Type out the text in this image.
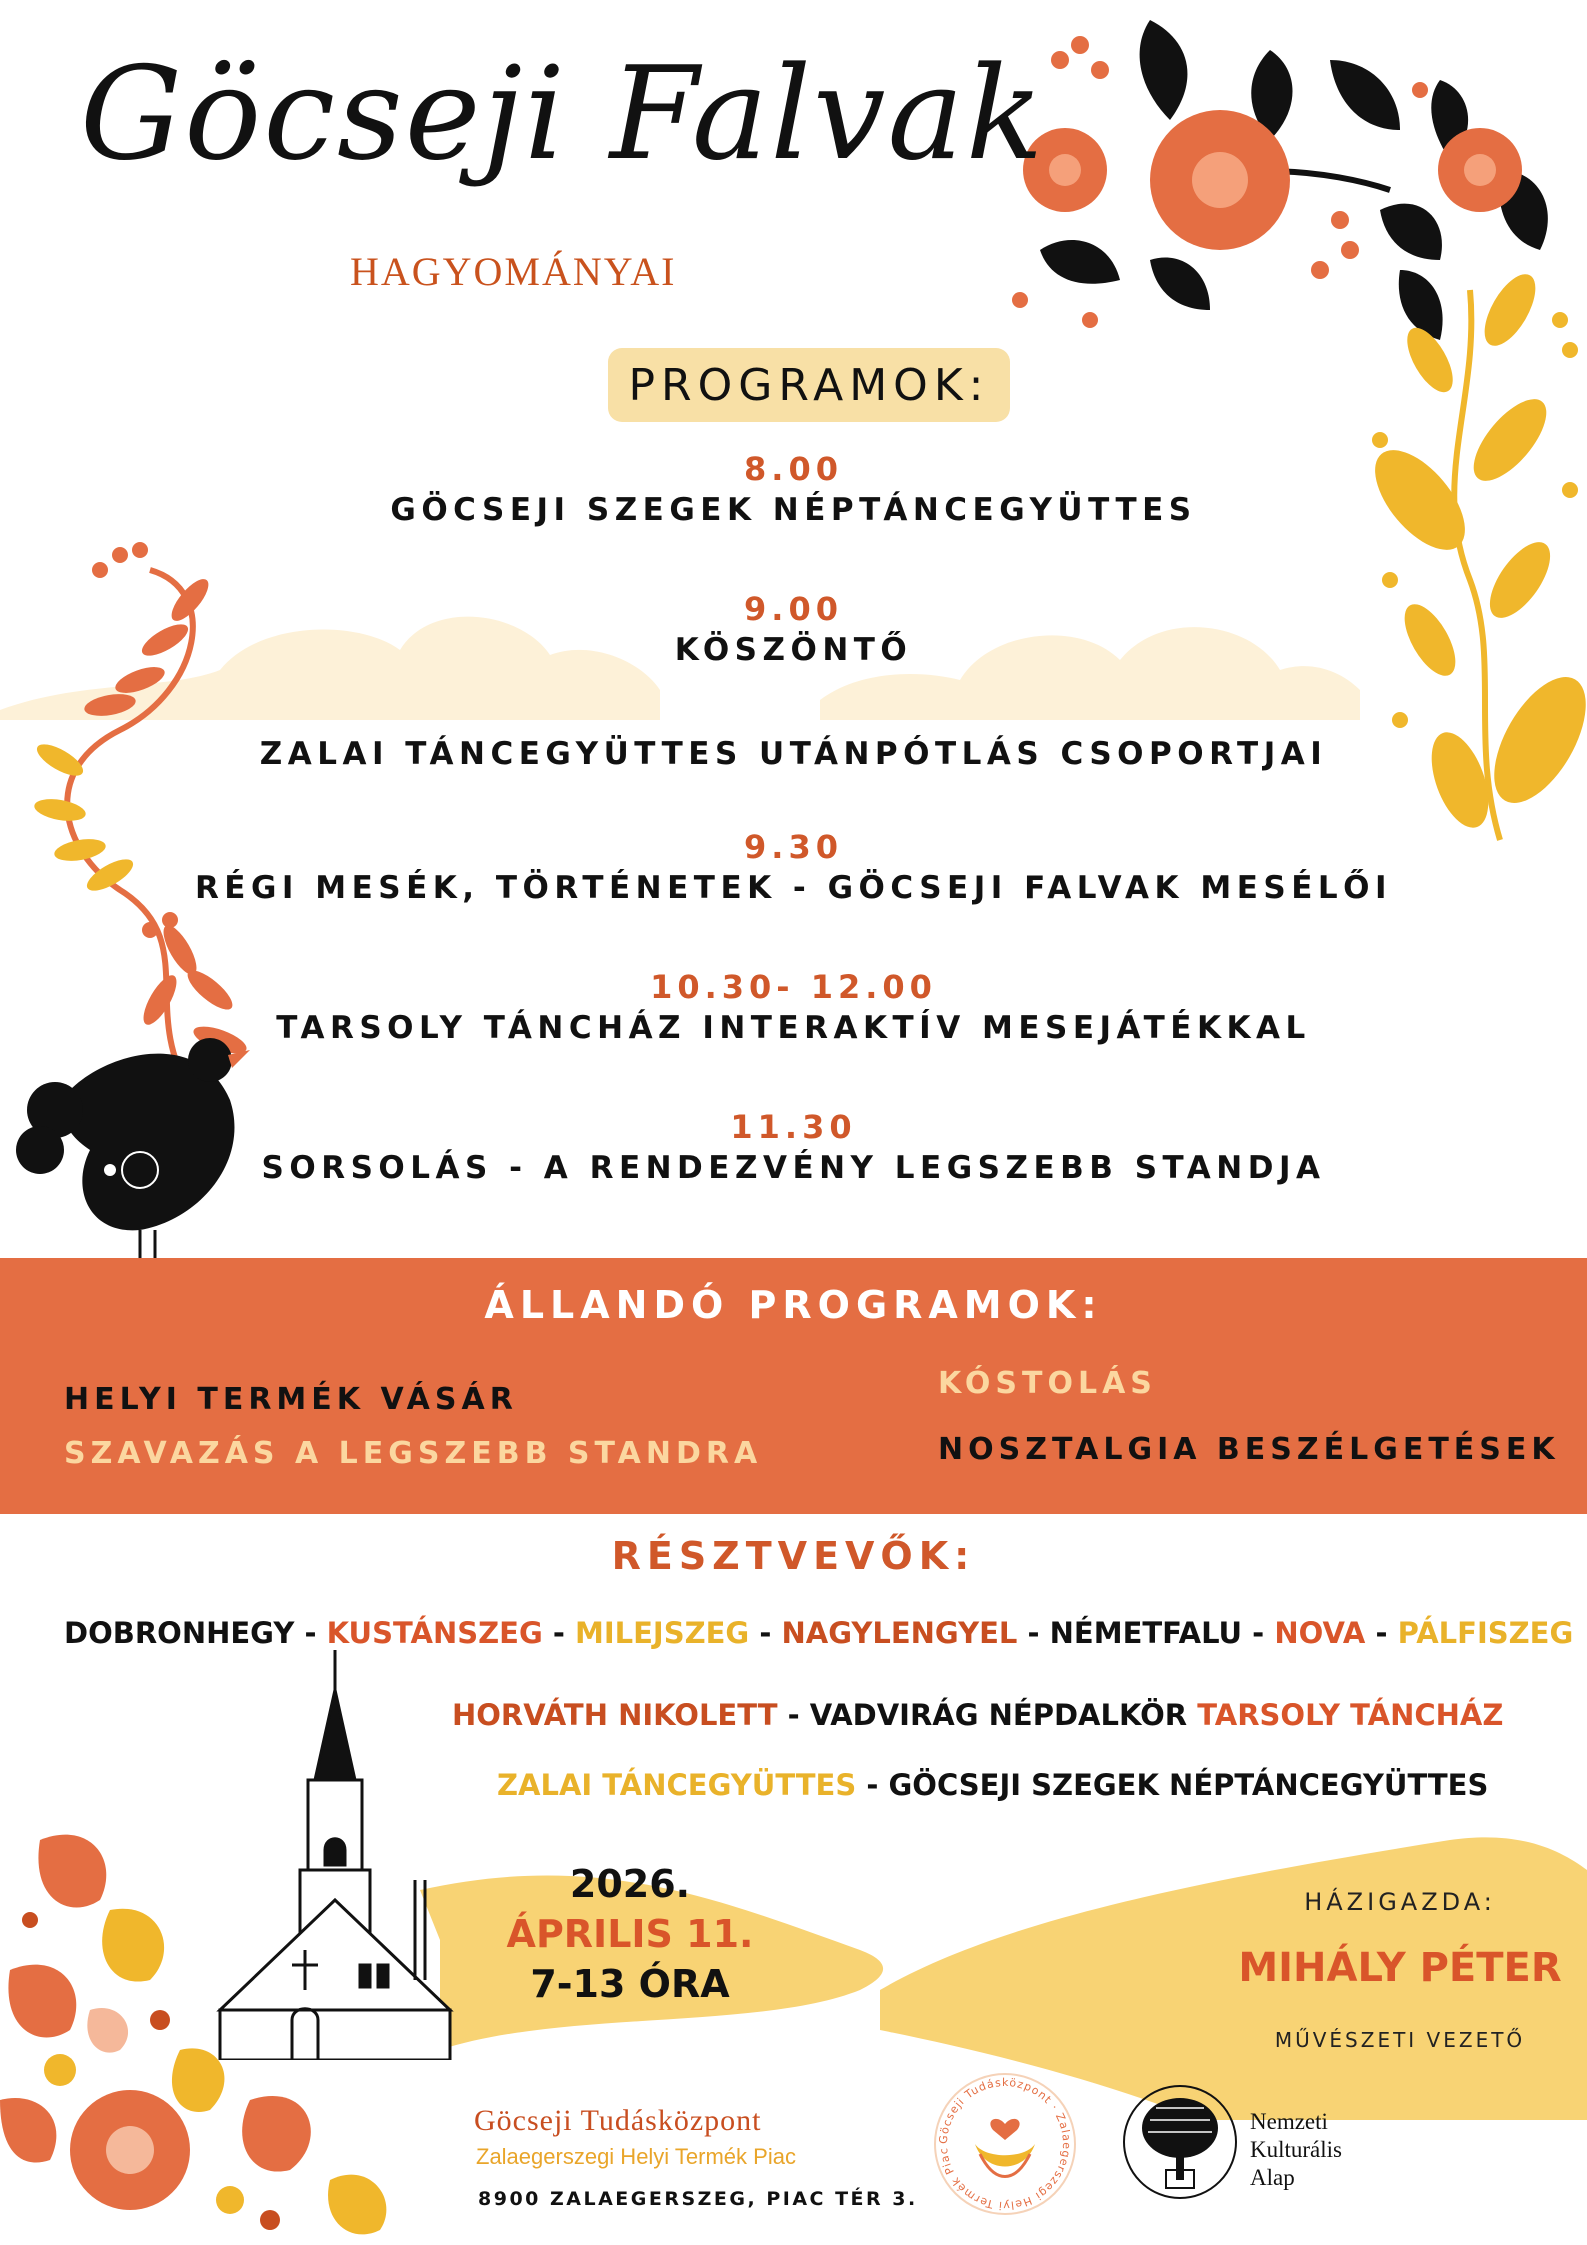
Göcseji Falvak
HAGYOMÁNYAI
PROGRAMOK:
8.00
GÖCSEJI SZEGEK NÉPTÁNCEGYÜTTES
9.00
KÖSZÖNTŐ
ZALAI TÁNCEGYÜTTES UTÁNPÓTLÁS CSOPORTJAI
9.30
RÉGI MESÉK, TÖRTÉNETEK - GÖCSEJI FALVAK MESÉLŐI
10.30- 12.00
TARSOLY TÁNCHÁZ INTERAKTÍV MESEJÁTÉKKAL
11.30
SORSOLÁS - A RENDEZVÉNY LEGSZEBB STANDJA
ÁLLANDÓ PROGRAMOK:
HELYI TERMÉK VÁSÁR
SZAVAZÁS A LEGSZEBB STANDRA
KÓSTOLÁS
NOSZTALGIA BESZÉLGETÉSEK
RÉSZTVEVŐK:
DOBRONHEGY - KUSTÁNSZEG - MILEJSZEG - NAGYLENGYEL - NÉMETFALU - NOVA - PÁLFISZEG
HORVÁTH NIKOLETT - VADVIRÁG NÉPDALKÖR TARSOLY TÁNCHÁZ
ZALAI TÁNCEGYÜTTES - GÖCSEJI SZEGEK NÉPTÁNCEGYÜTTES
2026.
ÁPRILIS 11.
7-13 ÓRA
HÁZIGAZDA:
MIHÁLY PÉTER
MŰVÉSZETI VEZETŐ
Göcseji Tudásközpont
Zalaegerszegi Helyi Termék Piac
8900 ZALAEGERSZEG, PIAC TÉR 3.
Göcseji Tudásközpont · Zalaegerszegi Helyi Termék Piac
Nemzeti
Kulturális
Alap
